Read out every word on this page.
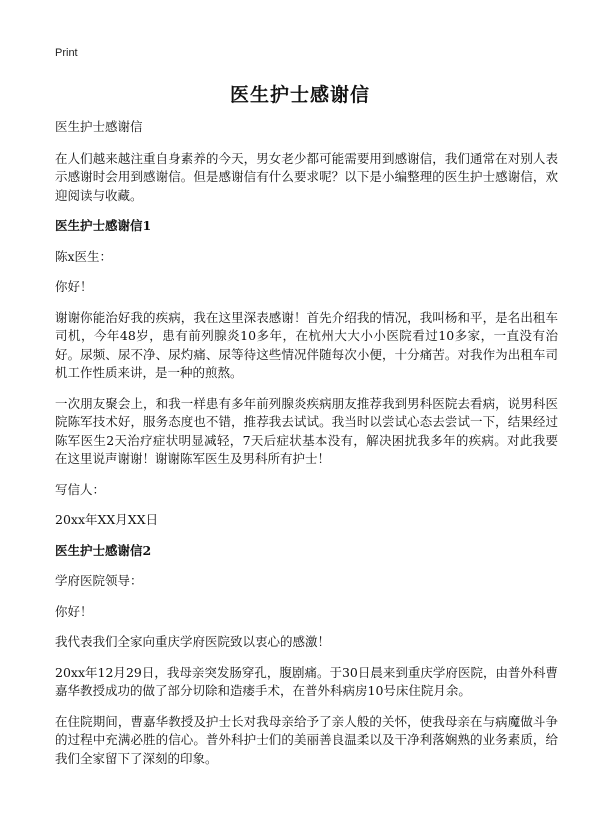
Print
医生护士感谢信

医生护士感谢信

在人们越来越注重自身素养的今天，男女老少都可能需要用到感谢信，我们通常在对别人表示感谢时会用到感谢信。但是感谢信有什么要求呢？以下是小编整理的医生护士感谢信，欢迎阅读与收藏。

医生护士感谢信1

陈x医生：

你好！

谢谢你能治好我的疾病，我在这里深表感谢！首先介绍我的情况，我叫杨和平，是名出租车司机，今年48岁，患有前列腺炎10多年，在杭州大大小小医院看过10多家，一直没有治好。尿频、尿不净、尿灼痛、尿等待这些情况伴随每次小便，十分痛苦。对我作为出租车司机工作性质来讲，是一种的煎熬。

一次朋友聚会上，和我一样患有多年前列腺炎疾病朋友推荐我到男科医院去看病，说男科医院陈军技术好，服务态度也不错，推荐我去试试。我当时以尝试心态去尝试一下，结果经过陈军医生2天治疗症状明显减轻，7天后症状基本没有，解决困扰我多年的疾病。对此我要在这里说声谢谢！谢谢陈军医生及男科所有护士！

写信人：

20xx年XX月XX日

医生护士感谢信2

学府医院领导：

你好！

我代表我们全家向重庆学府医院致以衷心的感激！

20xx年12月29日，我母亲突发肠穿孔，腹剧痛。于30日晨来到重庆学府医院，由普外科曹嘉华教授成功的做了部分切除和造瘘手术，在普外科病房10号床住院月余。

在住院期间，曹嘉华教授及护士长对我母亲给予了亲人般的关怀，使我母亲在与病魔做斗争的过程中充满必胜的信心。普外科护士们的美丽善良温柔以及干净利落娴熟的业务素质，给我们全家留下了深刻的印象。
